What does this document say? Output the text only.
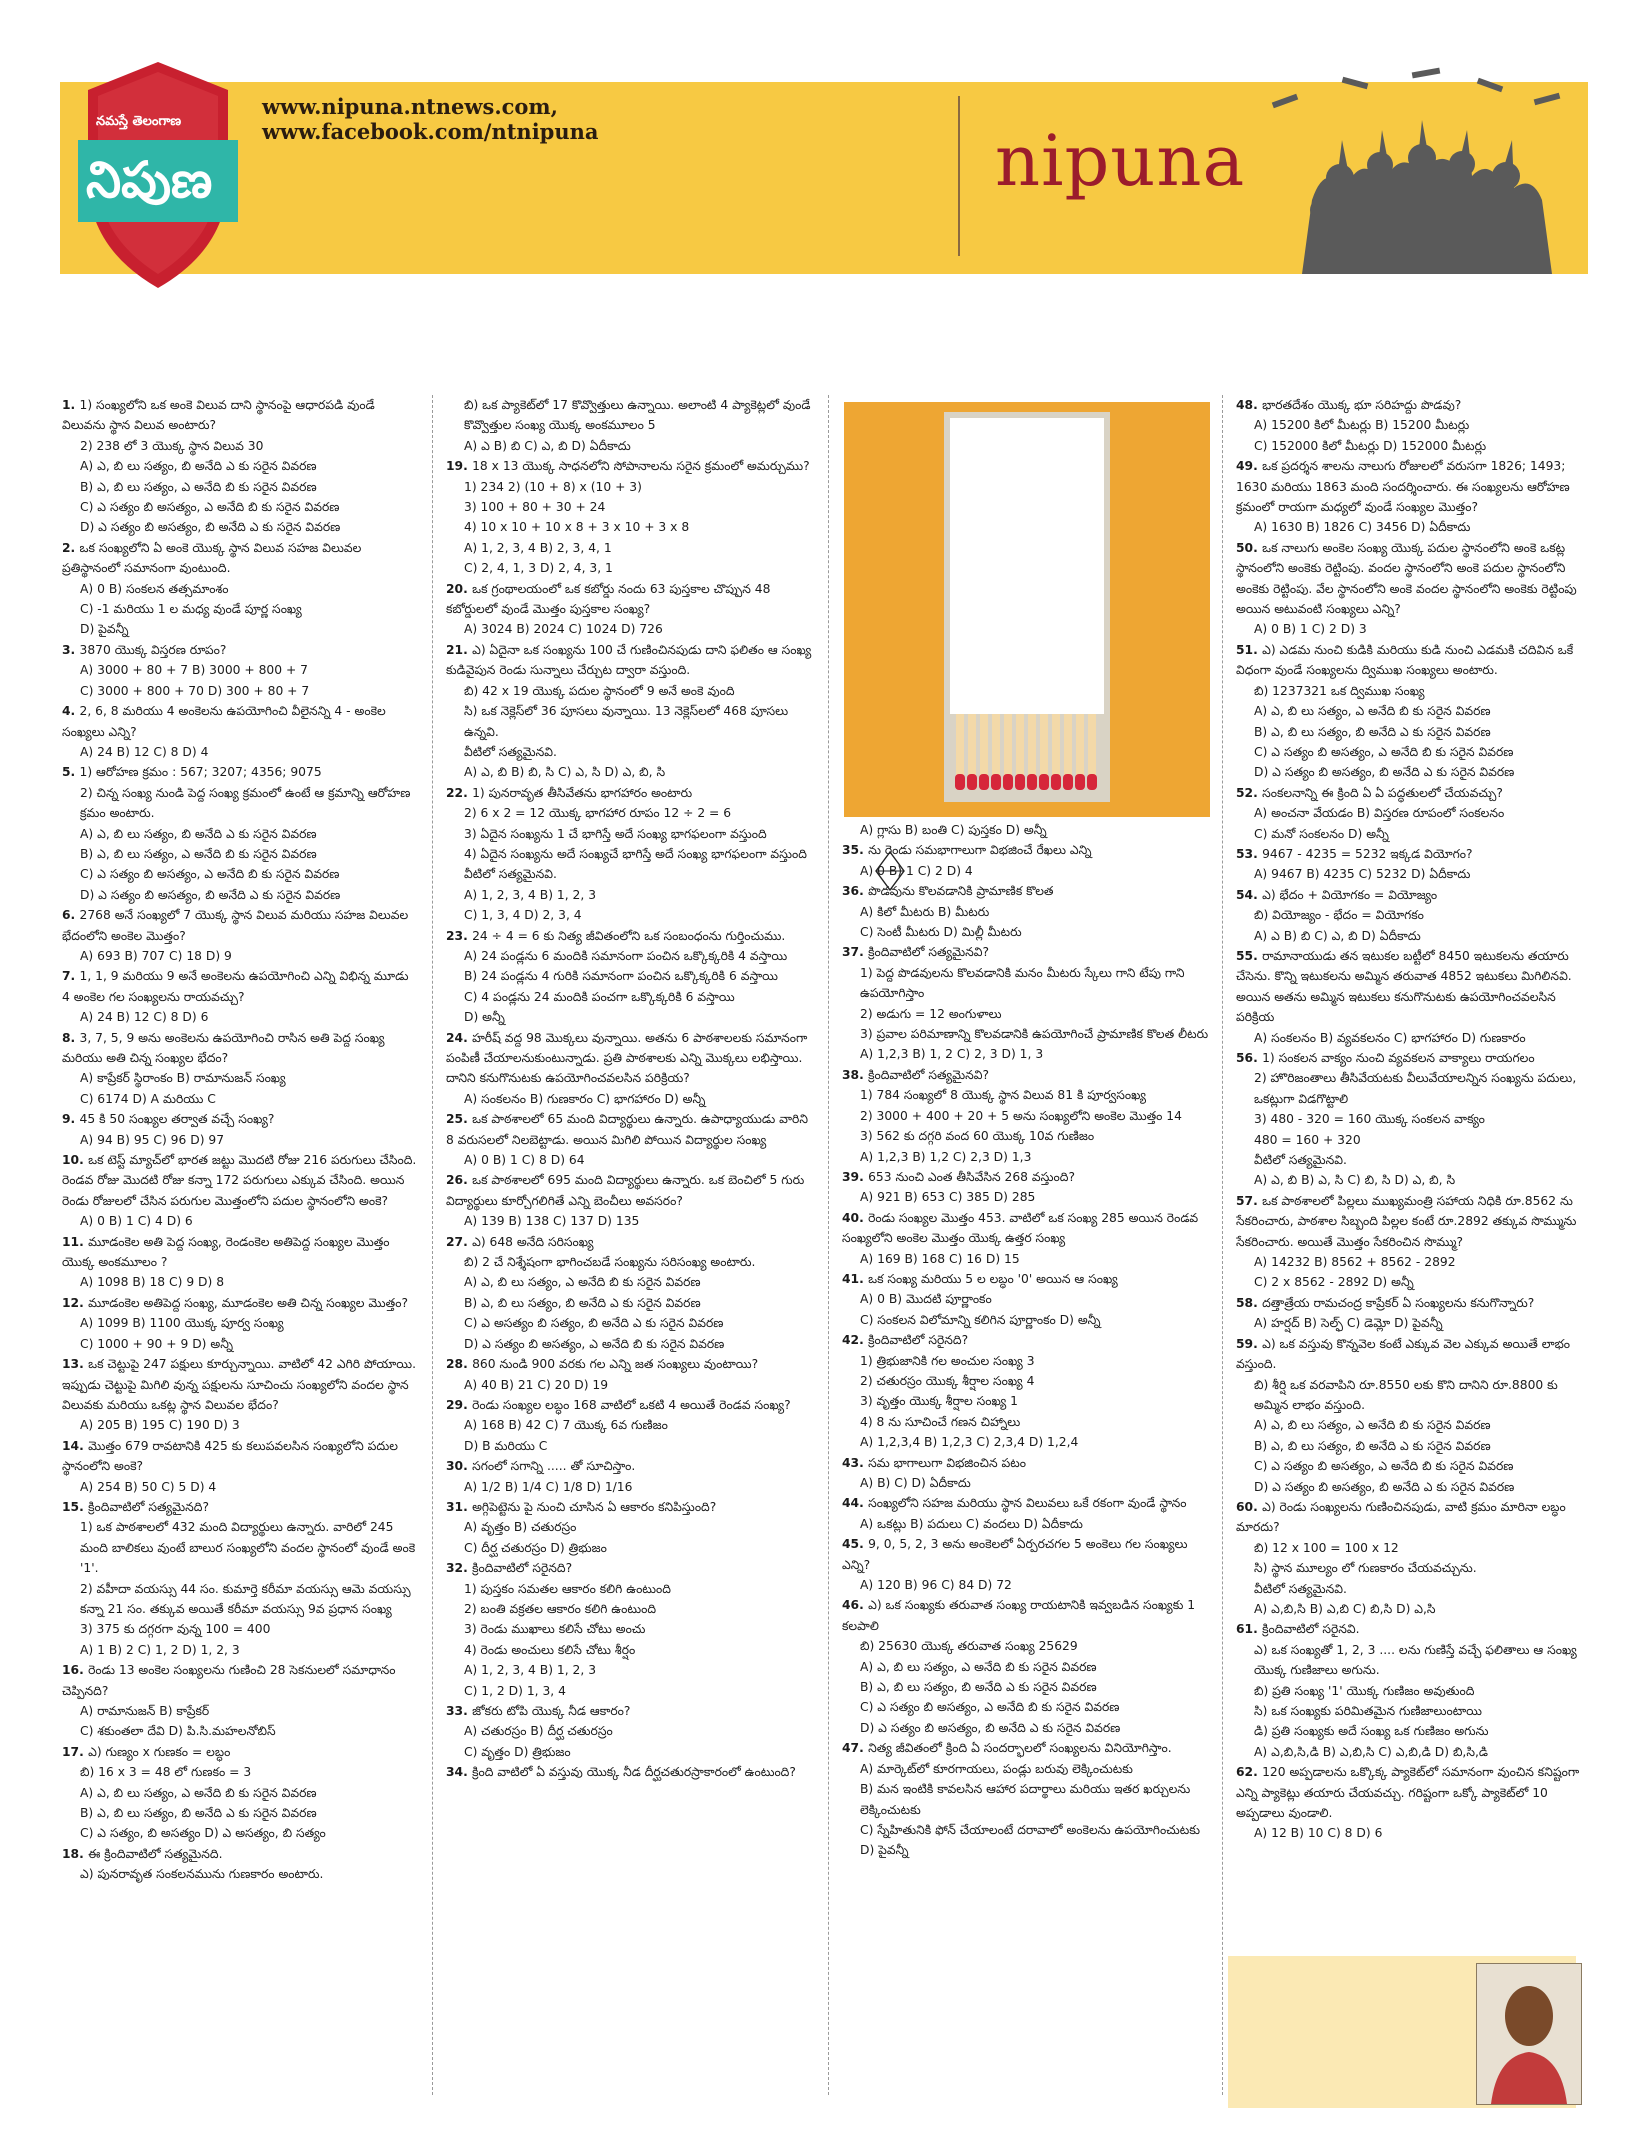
నమస్తే తెలంగాణ
నిపుణ
www.nipuna.ntnews.com,
www.facebook.com/ntnipuna	nipuna
1. 1) సంఖ్యలోని ఒక అంకె విలువ దాని స్థానంపై ఆధారపడి వుండే విలువను స్థాన విలువ అంటారు?
2) 238 లో 3 యొక్క స్థాన విలువ 30
A) ఎ, బి లు సత్యం, బి అనేది ఎ కు సరైన వివరణ
B) ఎ, బి లు సత్యం, ఎ అనేది బి కు సరైన వివరణ
C) ఎ సత్యం బి అసత్యం, ఎ అనేది బి కు సరైన వివరణ
D) ఎ సత్యం బి అసత్యం, బి అనేది ఎ కు సరైన వివరణ
2. ఒక సంఖ్యలోని ఏ అంకె యొక్క స్థాన విలువ సహజ విలువల ప్రతిస్థానంలో సమానంగా వుంటుంది.
A) 0 B) సంకలన తత్సమాంశం
C) -1 మరియు 1 ల మధ్య వుండే పూర్ణ సంఖ్య
D) పైవన్నీ
3. 3870 యొక్క విస్తరణ రూపం?
A) 3000 + 80 + 7 B) 3000 + 800 + 7
C) 3000 + 800 + 70 D) 300 + 80 + 7
4. 2, 6, 8 మరియు 4 అంకెలను ఉపయోగించి వీలైనన్ని 4 - అంకెల సంఖ్యలు ఎన్ని?
A) 24 B) 12 C) 8 D) 4
5. 1) ఆరోహణ క్రమం : 567; 3207; 4356; 9075
2) చిన్న సంఖ్య నుండి పెద్ద సంఖ్య క్రమంలో ఉంటే ఆ క్రమాన్ని ఆరోహణ క్రమం అంటారు.
A) ఎ, బి లు సత్యం, బి అనేది ఎ కు సరైన వివరణ
B) ఎ, బి లు సత్యం, ఎ అనేది బి కు సరైన వివరణ
C) ఎ సత్యం బి అసత్యం, ఎ అనేది బి కు సరైన వివరణ
D) ఎ సత్యం బి అసత్యం, బి అనేది ఎ కు సరైన వివరణ
6. 2768 అనే సంఖ్యలో 7 యొక్క స్థాన విలువ మరియు సహజ విలువల భేదంలోని అంకెల మొత్తం?
A) 693 B) 707 C) 18 D) 9
7. 1, 1, 9 మరియు 9 అనే అంకెలను ఉపయోగించి ఎన్ని విభిన్న మూడు 4 అంకెల గల సంఖ్యలను రాయవచ్చు?
A) 24 B) 12 C) 8 D) 6
8. 3, 7, 5, 9 అను అంకెలను ఉపయోగించి రాసిన అతి పెద్ద సంఖ్య మరియు అతి చిన్న సంఖ్యల భేదం?
A) కాప్రేకర్ స్థిరాంకం B) రామానుజన్ సంఖ్య
C) 6174 D) A మరియు C
9. 45 కి 50 సంఖ్యల తర్వాత వచ్చే సంఖ్య?
A) 94 B) 95 C) 96 D) 97
10. ఒక టెస్ట్ మ్యాచ్‌లో భారత జట్టు మొదటి రోజు 216 పరుగులు చేసింది. రెండవ రోజు మొదటి రోజు కన్నా 172 పరుగులు ఎక్కువ చేసింది. అయిన రెండు రోజులలో చేసిన పరుగుల మొత్తంలోని పదుల స్థానంలోని అంకె?
A) 0 B) 1 C) 4 D) 6
11. మూడంకెల అతి పెద్ద సంఖ్య, రెండంకెల అతిపెద్ద సంఖ్యల మొత్తం యొక్క అంకమూలం ?
A) 1098 B) 18 C) 9 D) 8
12. మూడంకెల అతిపెద్ద సంఖ్య, మూడంకెల అతి చిన్న సంఖ్యల మొత్తం?
A) 1099 B) 1100 యొక్క పూర్వ సంఖ్య
C) 1000 + 90 + 9 D) అన్నీ
13. ఒక చెట్టుపై 247 పక్షులు కూర్చున్నాయి. వాటిలో 42 ఎగిరి పోయాయి. ఇప్పుడు చెట్టుపై మిగిలి వున్న పక్షులను సూచించు సంఖ్యలోని వందల స్థాన విలువకు మరియు ఒకట్ల స్థాన విలువల భేదం?
A) 205 B) 195 C) 190 D) 3
14. మొత్తం 679 రావటానికి 425 కు కలుపవలసిన సంఖ్యలోని పదుల స్థానంలోని అంకె?
A) 254 B) 50 C) 5 D) 4
15. క్రిందివాటిలో సత్యమైనది?
1) ఒక పాఠశాలలో 432 మంది విద్యార్థులు ఉన్నారు. వారిలో 245 మంది బాలికలు వుంటే బాలుర సంఖ్యలోని వందల స్థానంలో వుండే అంకె '1'.
2) వహీదా వయస్సు 44 సం. కుమార్తె కరీమా వయస్సు ఆమె వయస్సు కన్నా 21 సం. తక్కువ అయితే కరీమా వయస్సు 9వ ప్రధాన సంఖ్య
3) 375 కు దగ్గరగా వున్న 100 = 400
A) 1 B) 2 C) 1, 2 D) 1, 2, 3
16. రెండు 13 అంకెల సంఖ్యలను గుణించి 28 సెకనులలో సమాధానం చెప్పినది?
A) రామానుజన్ B) కాప్రేకర్
C) శకుంతలా దేవి D) పి.సి.మహలనోబిస్
17. ఎ) గుణ్యం x గుణకం = లబ్ధం
బి) 16 x 3 = 48 లో గుణకం = 3
A) ఎ, బి లు సత్యం, ఎ అనేది బి కు సరైన వివరణ
B) ఎ, బి లు సత్యం, బి అనేది ఎ కు సరైన వివరణ
C) ఎ సత్యం, బి అసత్యం D) ఎ అసత్యం, బి సత్యం
18. ఈ క్రిందివాటిలో సత్యమైనది.
ఎ) పునరావృత సంకలనమును గుణకారం అంటారు.
బి) ఒక ప్యాకెట్‌లో 17 కొవ్వొత్తులు ఉన్నాయి. అలాంటి 4 ప్యాకెట్లలో వుండే కొవ్వొత్తుల సంఖ్య యొక్క అంకమూలం 5
A) ఎ B) బి C) ఎ, బి D) ఏదీకాదు
19. 18 x 13 యొక్క సాధనలోని సోపానాలను సరైన క్రమంలో అమర్చుము?
1) 234 2) (10 + 8) x (10 + 3)
3) 100 + 80 + 30 + 24
4) 10 x 10 + 10 x 8 + 3 x 10 + 3 x 8
A) 1, 2, 3, 4 B) 2, 3, 4, 1
C) 2, 4, 1, 3 D) 2, 4, 3, 1
20. ఒక గ్రంథాలయంలో ఒక కబోర్డు నందు 63 పుస్తకాల చొప్పున 48 కబోర్డులలో వుండే మొత్తం పుస్తకాల సంఖ్య?
A) 3024 B) 2024 C) 1024 D) 726
21. ఎ) ఏదైనా ఒక సంఖ్యను 100 చే గుణించినపుడు దాని ఫలితం ఆ సంఖ్య కుడివైపున రెండు సున్నాలు చేర్చుట ద్వారా వస్తుంది.
బి) 42 x 19 యొక్క పదుల స్థానంలో 9 అనే అంకె వుంది
సి) ఒక నెక్లెస్‌లో 36 పూసలు వున్నాయి. 13 నెక్లెస్‌లలో 468 పూసలు ఉన్నవి.
వీటిలో సత్యమైనవి.
A) ఎ, బి B) బి, సి C) ఎ, సి D) ఎ, బి, సి
22. 1) పునరావృత తీసివేతను భాగహారం అంటారు
2) 6 x 2 = 12 యొక్క భాగహార రూపం 12 ÷ 2 = 6
3) ఏదైన సంఖ్యను 1 చే భాగిస్తే అదే సంఖ్య భాగఫలంగా వస్తుంది
4) ఏదైన సంఖ్యను అదే సంఖ్యచే భాగిస్తే అదే సంఖ్య భాగఫలంగా వస్తుంది
వీటిలో సత్యమైనవి.
A) 1, 2, 3, 4 B) 1, 2, 3
C) 1, 3, 4 D) 2, 3, 4
23. 24 ÷ 4 = 6 కు నిత్య జీవితంలోని ఒక సంబంధంను గుర్తించుము.
A) 24 పండ్లను 6 మందికి సమానంగా పంచిన ఒక్కొక్కరికి 4 వస్తాయి
B) 24 పండ్లను 4 గురికి సమానంగా పంచిన ఒక్కొక్కరికి 6 వస్తాయి
C) 4 పండ్లను 24 మందికి పంచగా ఒక్కొక్కరికి 6 వస్తాయి
D) అన్నీ
24. హరీష్ వద్ద 98 మొక్కలు వున్నాయి. అతను 6 పాఠశాలలకు సమానంగా పంపిణీ చేయాలనుకుంటున్నాడు. ప్రతి పాఠశాలకు ఎన్ని మొక్కలు లభిస్తాయి. దానిని కనుగొనుటకు ఉపయోగించవలసిన పరిక్రియ?
A) సంకలనం B) గుణకారం C) భాగహారం D) అన్నీ
25. ఒక పాఠశాలలో 65 మంది విద్యార్థులు ఉన్నారు. ఉపాధ్యాయుడు వారిని 8 వరుసలలో నిలబెట్టాడు. అయిన మిగిలి పోయిన విద్యార్థుల సంఖ్య
A) 0 B) 1 C) 8 D) 64
26. ఒక పాఠశాలలో 695 మంది విద్యార్థులు ఉన్నారు. ఒక బెంచిలో 5 గురు విద్యార్థులు కూర్చోగలిగితే ఎన్ని బెంచీలు అవసరం?
A) 139 B) 138 C) 137 D) 135
27. ఎ) 648 అనేది సరిసంఖ్య
బి) 2 చే నిశ్శేషంగా భాగించబడే సంఖ్యను సరిసంఖ్య అంటారు.
A) ఎ, బి లు సత్యం, ఎ అనేది బి కు సరైన వివరణ
B) ఎ, బి లు సత్యం, బి అనేది ఎ కు సరైన వివరణ
C) ఎ అసత్యం బి సత్యం, బి అనేది ఎ కు సరైన వివరణ
D) ఎ సత్యం బి అసత్యం, ఎ అనేది బి కు సరైన వివరణ
28. 860 నుండి 900 వరకు గల ఎన్ని జత సంఖ్యలు వుంటాయి?
A) 40 B) 21 C) 20 D) 19
29. రెండు సంఖ్యల లబ్ధం 168 వాటిలో ఒకటి 4 అయితే రెండవ సంఖ్య?
A) 168 B) 42 C) 7 యొక్క 6వ గుణిజం
D) B మరియు C
30. సగంలో సగాన్ని ..... తో సూచిస్తాం.
A) 1/2 B) 1/4 C) 1/8 D) 1/16
31. అగ్గిపెట్టెను పై నుంచి చూసిన ఏ ఆకారం కనిపిస్తుంది?
A) వృత్తం B) చతురస్రం
C) దీర్ఘ చతురస్రం D) త్రిభుజం
32. క్రిందివాటిలో సరైనది?
1) పుస్తకం సమతల ఆకారం కలిగి ఉంటుంది
2) బంతి వక్రతల ఆకారం కలిగి ఉంటుంది
3) రెండు ముఖాలు కలిసే చోటు అంచు
4) రెండు అంచులు కలిసే చోటు శీర్షం
A) 1, 2, 3, 4 B) 1, 2, 3
C) 1, 2 D) 1, 3, 4
33. జోకరు టోపి యొక్క నీడ ఆకారం?
A) చతురస్రం B) దీర్ఘ చతురస్రం
C) వృత్తం D) త్రిభుజం
34. క్రింది వాటిలో ఏ వస్తువు యొక్క నీడ దీర్ఘచతురస్రాకారంలో ఉంటుంది?
A) గ్లాసు B) బంతి C) పుస్తకం D) అన్నీ
35. ను రెండు సమభాగాలుగా విభజించే రేఖలు ఎన్ని
A) 0 B) 1 C) 2 D) 4
36. పొడవును కొలవడానికి ప్రామాణిక కొలత
A) కిలో మీటరు B) మీటరు
C) సెంటీ మీటరు D) మిల్లీ మీటరు
37. క్రిందివాటిలో సత్యమైనవి?
1) పెద్ద పొడవులను కొలవడానికి మనం మీటరు స్కేలు గాని టేపు గాని ఉపయోగిస్తాం
2) అడుగు = 12 అంగుళాలు
3) ప్రవాల పరిమాణాన్ని కొలవడానికి ఉపయోగించే ప్రామాణిక కొలత లీటరు
A) 1,2,3 B) 1, 2 C) 2, 3 D) 1, 3
38. క్రిందివాటిలో సత్యమైనవి?
1) 784 సంఖ్యలో 8 యొక్క స్థాన విలువ 81 కి పూర్వసంఖ్య
2) 3000 + 400 + 20 + 5 అను సంఖ్యలోని అంకెల మొత్తం 14
3) 562 కు దగ్గరి వంద 60 యొక్క 10వ గుణిజం
A) 1,2,3 B) 1,2 C) 2,3 D) 1,3
39. 653 నుంచి ఎంత తీసివేసిన 268 వస్తుంది?
A) 921 B) 653 C) 385 D) 285
40. రెండు సంఖ్యల మొత్తం 453. వాటిలో ఒక సంఖ్య 285 అయిన రెండవ సంఖ్యలోని అంకెల మొత్తం యొక్క ఉత్తర సంఖ్య
A) 169 B) 168 C) 16 D) 15
41. ఒక సంఖ్య మరియు 5 ల లబ్ధం '0' అయిన ఆ సంఖ్య
A) 0 B) మొదటి పూర్ణాంకం
C) సంకలన విలోమాన్ని కలిగిన పూర్ణాంకం D) అన్నీ
42. క్రిందివాటిలో సరైనది?
1) త్రిభుజానికి గల అంచుల సంఖ్య 3
2) చతురస్రం యొక్క శీర్షాల సంఖ్య 4
3) వృత్తం యొక్క శీర్షాల సంఖ్య 1
4) 8 ను సూచించే గణన చిహ్నాలు
A) 1,2,3,4 B) 1,2,3 C) 2,3,4 D) 1,2,4
43. సమ భాగాలుగా విభజించిన పటం
A) B) C) D) ఏదీకాదు
44. సంఖ్యలోని సహజ మరియు స్థాన విలువలు ఒకే రకంగా వుండే స్థానం
A) ఒకట్లు B) పదులు C) వందలు D) ఏదీకాదు
45. 9, 0, 5, 2, 3 అను అంకెలలో ఏర్పరచగల 5 అంకెలు గల సంఖ్యలు ఎన్ని?
A) 120 B) 96 C) 84 D) 72
46. ఎ) ఒక సంఖ్యకు తరువాత సంఖ్య రాయటానికి ఇవ్వబడిన సంఖ్యకు 1 కలపాలి
బి) 25630 యొక్క తరువాత సంఖ్య 25629
A) ఎ, బి లు సత్యం, ఎ అనేది బి కు సరైన వివరణ
B) ఎ, బి లు సత్యం, బి అనేది ఎ కు సరైన వివరణ
C) ఎ సత్యం బి అసత్యం, ఎ అనేది బి కు సరైన వివరణ
D) ఎ సత్యం బి అసత్యం, బి అనేది ఎ కు సరైన వివరణ
47. నిత్య జీవితంలో క్రింది ఏ సందర్భాలలో సంఖ్యలను వినియోగిస్తాం.
A) మార్కెట్‌లో కూరగాయలు, పండ్లు బరువు లెక్కించుటకు
B) మన ఇంటికి కావలసిన ఆహార పదార్థాలు మరియు ఇతర ఖర్చులను లెక్కించుటకు
C) స్నేహితునికి ఫోన్ చేయాలంటే దరావాలో అంకెలను ఉపయోగించుటకు D) పైవన్నీ
48. భారతదేశం యొక్క భూ సరిహద్దు పొడవు?
A) 15200 కిలో మీటర్లు B) 15200 మీటర్లు
C) 152000 కిలో మీటర్లు D) 152000 మీటర్లు
49. ఒక ప్రదర్శన శాలను నాలుగు రోజులలో వరుసగా 1826; 1493; 1630 మరియు 1863 మంది సందర్శించారు. ఈ సంఖ్యలను ఆరోహణ క్రమంలో రాయగా మధ్యలో వుండే సంఖ్యల మొత్తం?
A) 1630 B) 1826 C) 3456 D) ఏదీకాదు
50. ఒక నాలుగు అంకెల సంఖ్య యొక్క పదుల స్థానంలోని అంకె ఒకట్ల స్థానంలోని అంకెకు రెట్టింపు. వందల స్థానంలోని అంకె పదుల స్థానంలోని అంకెకు రెట్టింపు. వేల స్థానంలోని అంకె వందల స్థానంలోని అంకెకు రెట్టింపు అయిన అటువంటి సంఖ్యలు ఎన్ని?
A) 0 B) 1 C) 2 D) 3
51. ఎ) ఎడమ నుంచి కుడికి మరియు కుడి నుంచి ఎడమకి చదివిన ఒకే విధంగా వుండే సంఖ్యలను ద్విముఖ సంఖ్యలు అంటారు.
బి) 1237321 ఒక ద్విముఖ సంఖ్య
A) ఎ, బి లు సత్యం, ఎ అనేది బి కు సరైన వివరణ
B) ఎ, బి లు సత్యం, బి అనేది ఎ కు సరైన వివరణ
C) ఎ సత్యం బి అసత్యం, ఎ అనేది బి కు సరైన వివరణ
D) ఎ సత్యం బి అసత్యం, బి అనేది ఎ కు సరైన వివరణ
52. సంకలనాన్ని ఈ క్రింది ఏ ఏ పద్ధతులలో చేయవచ్చు?
A) అంచనా వేయడం B) విస్తరణ రూపంలో సంకలనం
C) మనో సంకలనం D) అన్నీ
53. 9467 - 4235 = 5232 ఇక్కడ వియోగం?
A) 9467 B) 4235 C) 5232 D) ఏదీకాదు
54. ఎ) భేదం + వియోగకం = వియోజ్యం
బి) వియోజ్యం - భేదం = వియోగకం
A) ఎ B) బి C) ఎ, బి D) ఏదీకాదు
55. రామానాయుడు తన ఇటుకల బట్టీలో 8450 ఇటుకలను తయారు చేసెను. కొన్ని ఇటుకలను అమ్మిన తరువాత 4852 ఇటుకలు మిగిలినవి. అయిన అతను అమ్మిన ఇటుకలు కనుగొనుటకు ఉపయోగించవలసిన పరిక్రియ
A) సంకలనం B) వ్యవకలనం C) భాగహారం D) గుణకారం
56. 1) సంకలన వాక్యం నుంచి వ్యవకలన వాక్యాలు రాయగలం
2) హొరిజంతాలు తీసివేయటకు వీలువేయాలన్నిన సంఖ్యను పదులు, ఒకట్లుగా విడగొట్టాలి
3) 480 - 320 = 160 యొక్క సంకలన వాక్యం
480 = 160 + 320
వీటిలో సత్యమైనవి.
A) ఎ, బి B) ఎ, సి C) బి, సి D) ఎ, బి, సి
57. ఒక పాఠశాలలో పిల్లలు ముఖ్యమంత్రి సహాయ నిధికి రూ.8562 ను సేకరించారు, పాఠశాల సిబ్బంది పిల్లల కంటే రూ.2892 తక్కువ సొమ్మును సేకరించారు. అయితే మొత్తం సేకరించిన సొమ్ము?
A) 14232 B) 8562 + 8562 - 2892
C) 2 x 8562 - 2892 D) అన్నీ
58. దత్తాత్రేయ రామచంద్ర కాప్రేకర్ ఏ సంఖ్యలను కనుగొన్నారు?
A) హర్షద్ B) సెల్ఫ్ C) డెమ్లో D) పైవన్నీ
59. ఎ) ఒక వస్తువు కొన్నవెల కంటే ఎక్కువ వెల ఎక్కువ అయితే లాభం వస్తుంది.
బి) శీర్షి ఒక వరవాపిని రూ.8550 లకు కొని దానిని రూ.8800 కు అమ్మిన లాభం వస్తుంది.
A) ఎ, బి లు సత్యం, ఎ అనేది బి కు సరైన వివరణ
B) ఎ, బి లు సత్యం, బి అనేది ఎ కు సరైన వివరణ
C) ఎ సత్యం బి అసత్యం, ఎ అనేది బి కు సరైన వివరణ
D) ఎ సత్యం బి అసత్యం, బి అనేది ఎ కు సరైన వివరణ
60. ఎ) రెండు సంఖ్యలను గుణించినపుడు, వాటి క్రమం మారినా లబ్ధం మారదు?
బి) 12 x 100 = 100 x 12
సి) స్థాన మూల్యం లో గుణకారం చేయవచ్చును.
వీటిలో సత్యమైనవి.
A) ఎ,బి,సి B) ఎ,బి C) బి,సి D) ఎ,సి
61. క్రిందివాటిలో సరైనవి.
ఎ) ఒక సంఖ్యతో 1, 2, 3 .... లను గుణిస్తే వచ్చే ఫలితాలు ఆ సంఖ్య యొక్క గుణిజాలు అగును.
బి) ప్రతి సంఖ్య '1' యొక్క గుణిజం అవుతుంది
సి) ఒక సంఖ్యకు పరిమితమైన గుణిజాలుంటాయి
డి) ప్రతి సంఖ్యకు అదే సంఖ్య ఒక గుణిజం అగును
A) ఎ,బి,సి,డి B) ఎ,బి,సి C) ఎ,బి,డి D) బి,సి,డి
62. 120 అప్పడాలను ఒక్కొక్క ప్యాకెట్‌లో సమానంగా వుంచిన కనిష్టంగా ఎన్ని ప్యాకెట్లు తయారు చేయవచ్చు. గరిష్టంగా ఒక్కో ప్యాకెట్‌లో 10 అప్పడాలు వుండాలి.
A) 12 B) 10 C) 8 D) 6
